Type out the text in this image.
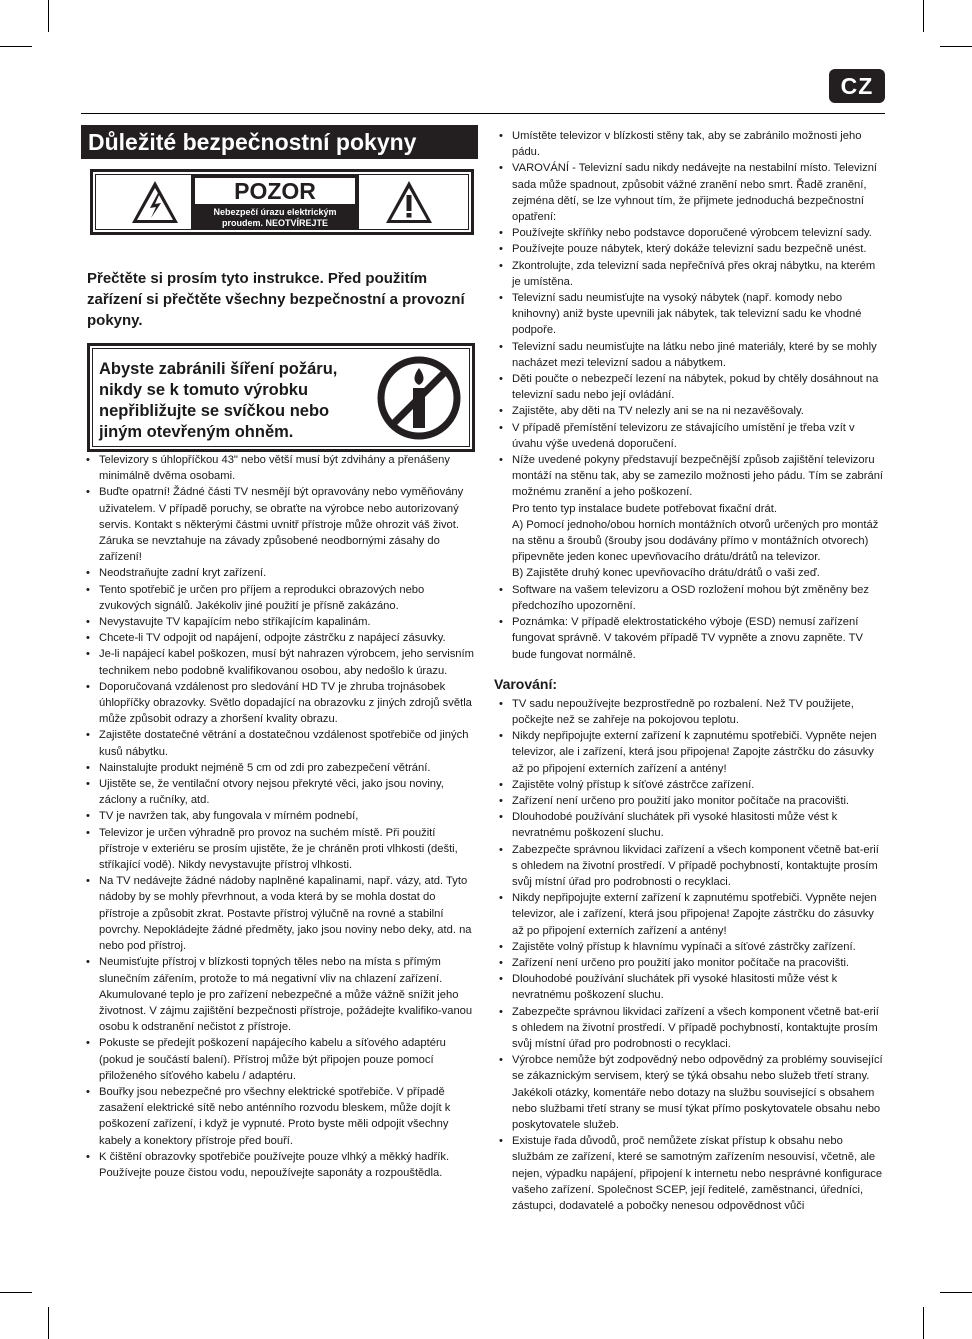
CZ
Důležité bezpečnostní pokyny
POZOR
Nebezpečí úrazu elektrickým
proudem. NEOTVÍREJTE
Přečtěte si prosím tyto instrukce. Před použitím zařízení si přečtěte všechny bezpečnostní a provozní pokyny.
Abyste zabránili šíření požáru, nikdy se k tomuto výrobku nepřibližujte se svíčkou nebo jiným otevřeným ohněm.
• Televizory s úhlopříčkou 43" nebo větší musí být zdvihány a přenášeny minimálně dvěma osobami.
• Buďte opatrní! Žádné části TV nesmějí být opravovány nebo vyměňovány uživatelem. V případě poruchy, se obraťte na výrobce nebo autorizovaný servis. Kontakt s některými částmi uvnitř přístroje může ohrozit váš život. Záruka se nevztahuje na závady způsobené neodbornými zásahy do zařízení!
• Neodstraňujte zadní kryt zařízení.
• Tento spotřebič je určen pro příjem a reprodukci obrazových nebo zvukových signálů. Jakékoliv jiné použití je přísně zakázáno.
• Nevystavujte TV kapajícím nebo stříkajícím kapalinám.
• Chcete-li TV odpojit od napájení, odpojte zástrčku z napájecí zásuvky.
• Je-li napájecí kabel poškozen, musí být nahrazen výrobcem, jeho servisním technikem nebo podobně kvalifikovanou osobou, aby nedošlo k úrazu.
• Doporučovaná vzdálenost pro sledování HD TV je zhruba trojnásobek úhlopříčky obrazovky. Světlo dopadající na obrazovku z jiných zdrojů světla může způsobit odrazy a zhoršení kvality obrazu.
• Zajistěte dostatečné větrání a dostatečnou vzdálenost spotřebiče od jiných kusů nábytku.
• Nainstalujte produkt nejméně 5 cm od zdi pro zabezpečení větrání.
• Ujistěte se, že ventilační otvory nejsou překryté věci, jako jsou noviny, záclony a ručníky, atd.
• TV je navržen tak, aby fungovala v mírném podnebí,
• Televizor je určen výhradně pro provoz na suchém místě. Při použití přístroje v exteriéru se prosím ujistěte, že je chráněn proti vlhkosti (dešti, stříkající vodě). Nikdy nevystavujte přístroj vlhkosti.
• Na TV nedávejte žádné nádoby naplněné kapalinami, např. vázy, atd. Tyto nádoby by se mohly převrhnout, a voda která by se mohla dostat do přístroje a způsobit zkrat. Postavte přístroj výlučně na rovné a stabilní povrchy. Nepokládejte žádné předměty, jako jsou noviny nebo deky, atd. na nebo pod přístroj.
• Neumisťujte přístroj v blízkosti topných těles nebo na místa s přímým slunečním zářením, protože to má negativní vliv na chlazení zařízení. Akumulované teplo je pro zařízení nebezpečné a může vážně snížit jeho životnost. V zájmu zajištění bezpečnosti přístroje, požádejte kvalifiko-vanou osobu k odstranění nečistot z přístroje.
• Pokuste se předejít poškození napájecího kabelu a síťového adaptéru (pokud je součástí balení). Přístroj může být připojen pouze pomocí přiloženého síťového kabelu / adaptéru.
• Bouřky jsou nebezpečné pro všechny elektrické spotřebiče. V případě zasažení elektrické sítě nebo anténního rozvodu bleskem, může dojít k poškození zařízení, i když je vypnuté. Proto byste měli odpojit všechny kabely a konektory přístroje před bouří.
• K čištění obrazovky spotřebiče používejte pouze vlhký a měkký hadřík. Používejte pouze čistou vodu, nepoužívejte saponáty a rozpouštědla.
• Umístěte televizor v blízkosti stěny tak, aby se zabránilo možnosti jeho pádu.
• VAROVÁNÍ - Televizní sadu nikdy nedávejte na nestabilní místo. Televizní sada může spadnout, způsobit vážné zranění nebo smrt. Řadě zranění, zejména dětí, se lze vyhnout tím, že přijmete jednoduchá bezpečnostní opatření:
• Používejte skříňky nebo podstavce doporučené výrobcem televizní sady.
• Používejte pouze nábytek, který dokáže televizní sadu bezpečně unést.
• Zkontrolujte, zda televizní sada nepřečnívá přes okraj nábytku, na kterém je umístěna.
• Televizní sadu neumisťujte na vysoký nábytek (např. komody nebo knihovny) aniž byste upevnili jak nábytek, tak televizní sadu ke vhodné podpoře.
• Televizní sadu neumisťujte na látku nebo jiné materiály, které by se mohly nacházet mezi televizní sadou a nábytkem.
• Děti poučte o nebezpečí lezení na nábytek, pokud by chtěly dosáhnout na televizní sadu nebo její ovládání.
• Zajistěte, aby děti na TV nelezly ani se na ni nezavěšovaly.
• V případě přemístění televizoru ze stávajícího umístění je třeba vzít v úvahu výše uvedená doporučení.
• Níže uvedené pokyny představují bezpečnější způsob zajištění televizoru montáží na stěnu tak, aby se zamezilo možnosti jeho pádu. Tím se zabrání možnému zranění a jeho poškození.
Pro tento typ instalace budete potřebovat fixační drát.
A) Pomocí jednoho/obou horních montážních otvorů určených pro montáž na stěnu a šroubů (šrouby jsou dodávány přímo v montážních otvorech) připevněte jeden konec upevňovacího drátu/drátů na televizor.
B) Zajistěte druhý konec upevňovacího drátu/drátů o vaši zeď.
• Software na vašem televizoru a OSD rozložení mohou být změněny bez předchozího upozornění.
• Poznámka: V případě elektrostatického výboje (ESD) nemusí zařízení fungovat správně. V takovém případě TV vypněte a znovu zapněte. TV bude fungovat normálně.
Varování:
• TV sadu nepoužívejte bezprostředně po rozbalení. Než TV použijete, počkejte než se zahřeje na pokojovou teplotu.
• Nikdy nepřipojujte externí zařízení k zapnutému spotřebiči. Vypněte nejen televizor, ale i zařízení, která jsou připojena! Zapojte zástrčku do zásuvky až po připojení externích zařízení a antény!
• Zajistěte volný přístup k síťové zástrčce zařízení.
• Zařízení není určeno pro použití jako monitor počítače na pracovišti.
• Dlouhodobé používání sluchátek při vysoké hlasitosti může vést k nevratnému poškození sluchu.
• Zabezpečte správnou likvidaci zařízení a všech komponent včetně bat-erií s ohledem na životní prostředí. V případě pochybností, kontaktujte prosím svůj místní úřad pro podrobnosti o recyklaci.
• Nikdy nepřipojujte externí zařízení k zapnutému spotřebiči. Vypněte nejen televizor, ale i zařízení, která jsou připojena! Zapojte zástrčku do zásuvky až po připojení externích zařízení a antény!
• Zajistěte volný přístup k hlavnímu vypínači a síťové zástrčky zařízení.
• Zařízení není určeno pro použití jako monitor počítače na pracovišti.
• Dlouhodobé používání sluchátek při vysoké hlasitosti může vést k nevratnému poškození sluchu.
• Zabezpečte správnou likvidaci zařízení a všech komponent včetně bat-erií s ohledem na životní prostředí. V případě pochybností, kontaktujte prosím svůj místní úřad pro podrobnosti o recyklaci.
• Výrobce nemůže být zodpovědný nebo odpovědný za problémy související se zákaznickým servisem, který se týká obsahu nebo služeb třetí strany. Jakékoli otázky, komentáře nebo dotazy na službu související s obsahem nebo službami třetí strany se musí týkat přímo poskytovatele obsahu nebo poskytovatele služeb.
• Existuje řada důvodů, proč nemůžete získat přístup k obsahu nebo službám ze zařízení, které se samotným zařízením nesouvisí, včetně, ale nejen, výpadku napájení, připojení k internetu nebo nesprávné konfigurace vašeho zařízení. Společnost SCEP, její ředitelé, zaměstnanci, úředníci, zástupci, dodavatelé a pobočky nenesou odpovědnost vůči
